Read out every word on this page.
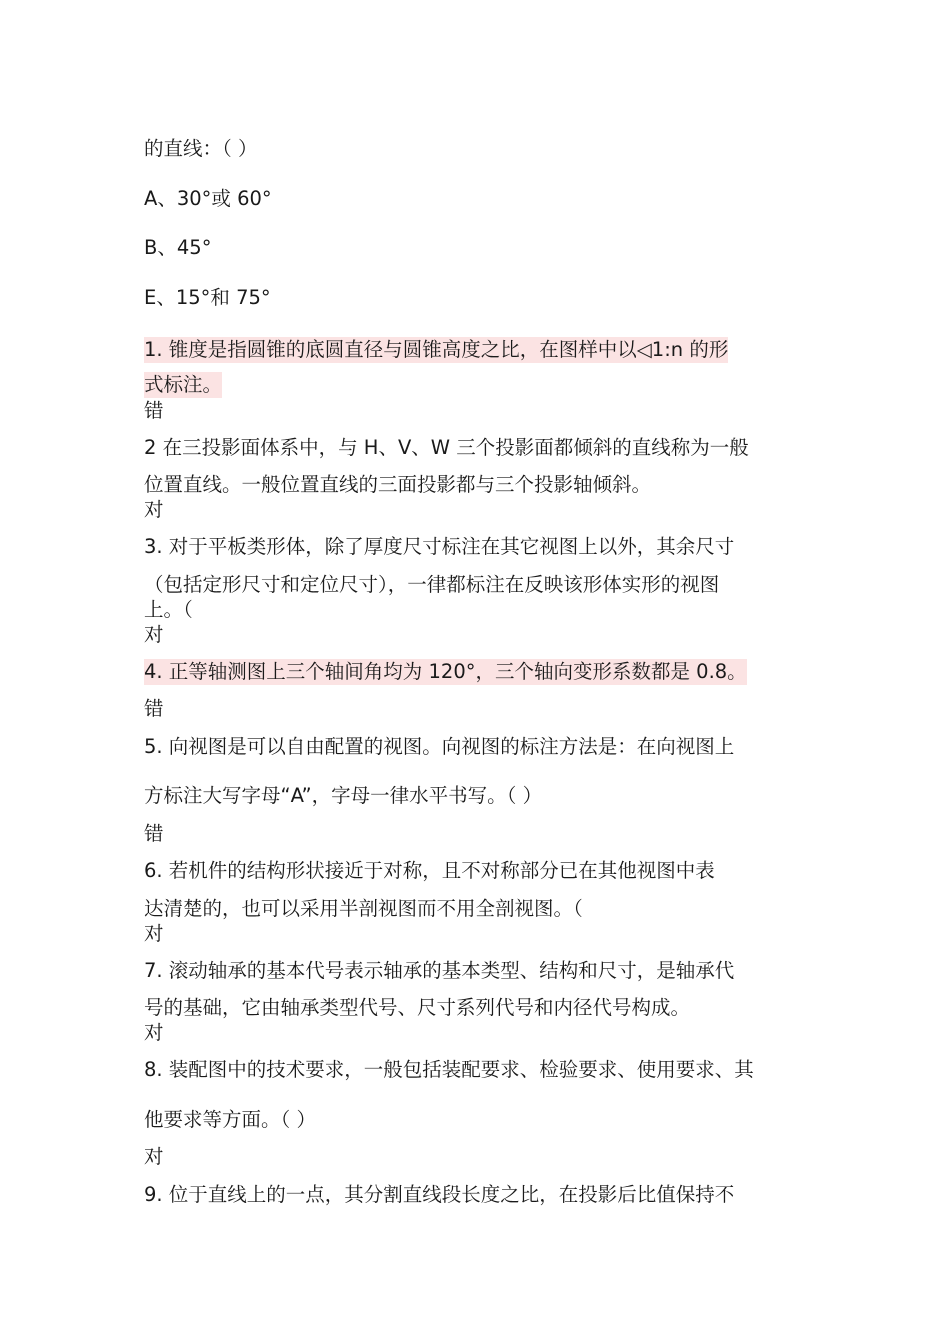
的直线：（ ）
A、30°或 60°
B、45°
E、15°和 75°
1. 锥度是指圆锥的底圆直径与圆锥高度之比，在图样中以◁1:n 的形
式标注。
错
2 在三投影面体系中，与 H、V、W 三个投影面都倾斜的直线称为一般
位置直线。一般位置直线的三面投影都与三个投影轴倾斜。
对
3. 对于平板类形体，除了厚度尺寸标注在其它视图上以外，其余尺寸
（包括定形尺寸和定位尺寸），一律都标注在反映该形体实形的视图
上。（
对
4. 正等轴测图上三个轴间角均为 120°，三个轴向变形系数都是 0.8。
错
5. 向视图是可以自由配置的视图。向视图的标注方法是：在向视图上
方标注大写字母“A”，字母一律水平书写。（ ）
错
6. 若机件的结构形状接近于对称，且不对称部分已在其他视图中表
达清楚的，也可以采用半剖视图而不用全剖视图。（
对
7. 滚动轴承的基本代号表示轴承的基本类型、结构和尺寸，是轴承代
号的基础，它由轴承类型代号、尺寸系列代号和内径代号构成。
对
8. 装配图中的技术要求，一般包括装配要求、检验要求、使用要求、其
他要求等方面。（ ）
对
9. 位于直线上的一点，其分割直线段长度之比，在投影后比值保持不
